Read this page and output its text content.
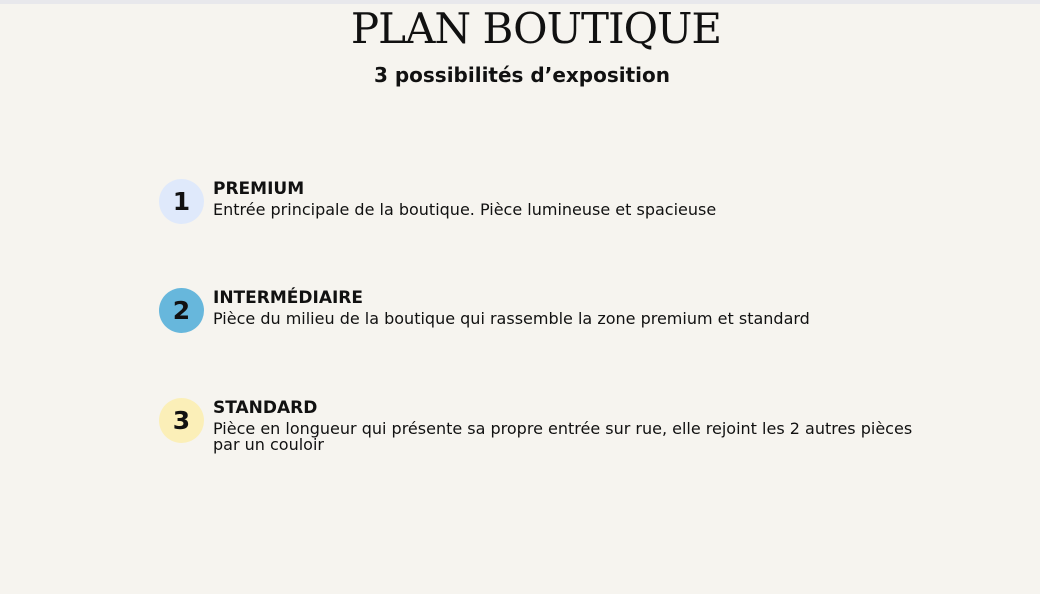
PLAN BOUTIQUE
3 possibilités d’exposition
1	PREMIUM

Entrée principale de la boutique. Pièce lumineuse et spacieuse

2	INTERMÉDIAIRE

Pièce du milieu de la boutique qui rassemble la zone premium et standard

3	STANDARD

Pièce en longueur qui présente sa propre entrée sur rue, elle rejoint les 2 autres pièces par un couloir
